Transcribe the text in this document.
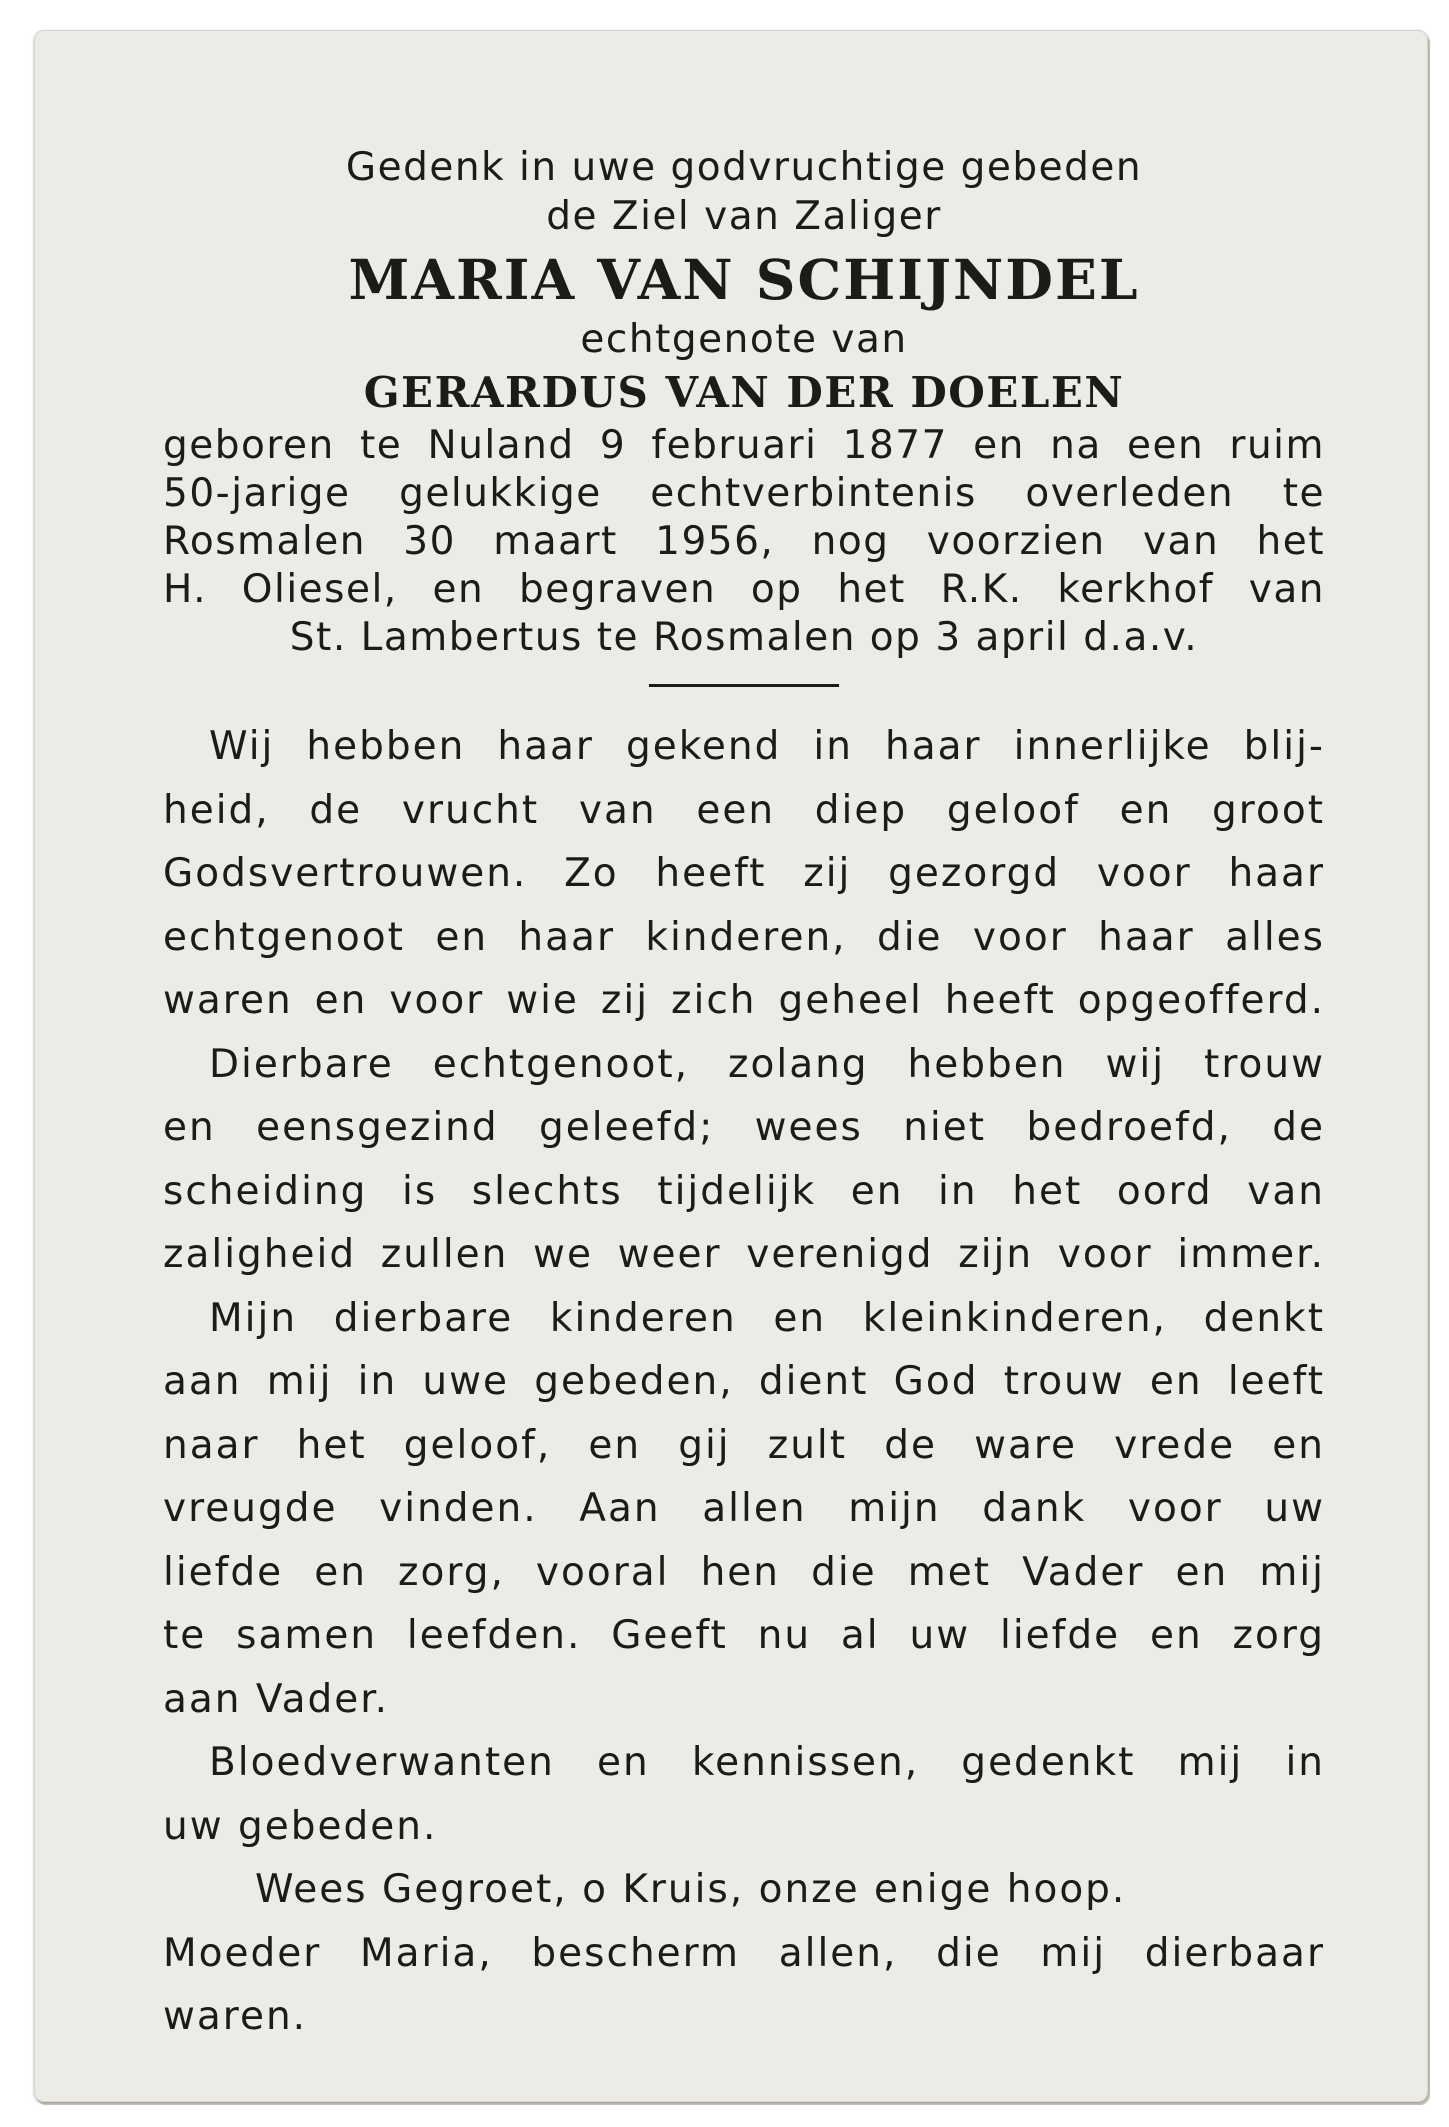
Gedenk in uwe godvruchtige gebeden
de Ziel van Zaliger
MARIA VAN SCHIJNDEL
echtgenote van
GERARDUS VAN DER DOELEN
geboren te Nuland 9 februari 1877 en na een ruim
50-jarige gelukkige echtverbintenis overleden te
Rosmalen 30 maart 1956, nog voorzien van het
H. Oliesel, en begraven op het R.K. kerkhof van
St. Lambertus te Rosmalen op 3 april d.a.v.
Wij hebben haar gekend in haar innerlijke blij-
heid, de vrucht van een diep geloof en groot
Godsvertrouwen. Zo heeft zij gezorgd voor haar
echtgenoot en haar kinderen, die voor haar alles
waren en voor wie zij zich geheel heeft opgeofferd.
Dierbare echtgenoot, zolang hebben wij trouw
en eensgezind geleefd; wees niet bedroefd, de
scheiding is slechts tijdelijk en in het oord van
zaligheid zullen we weer verenigd zijn voor immer.
Mijn dierbare kinderen en kleinkinderen, denkt
aan mij in uwe gebeden, dient God trouw en leeft
naar het geloof, en gij zult de ware vrede en
vreugde vinden. Aan allen mijn dank voor uw
liefde en zorg, vooral hen die met Vader en mij
te samen leefden. Geeft nu al uw liefde en zorg
aan Vader.
Bloedverwanten en kennissen, gedenkt mij in
uw gebeden.
Wees Gegroet, o Kruis, onze enige hoop.
Moeder Maria, bescherm allen, die mij dierbaar
waren.
